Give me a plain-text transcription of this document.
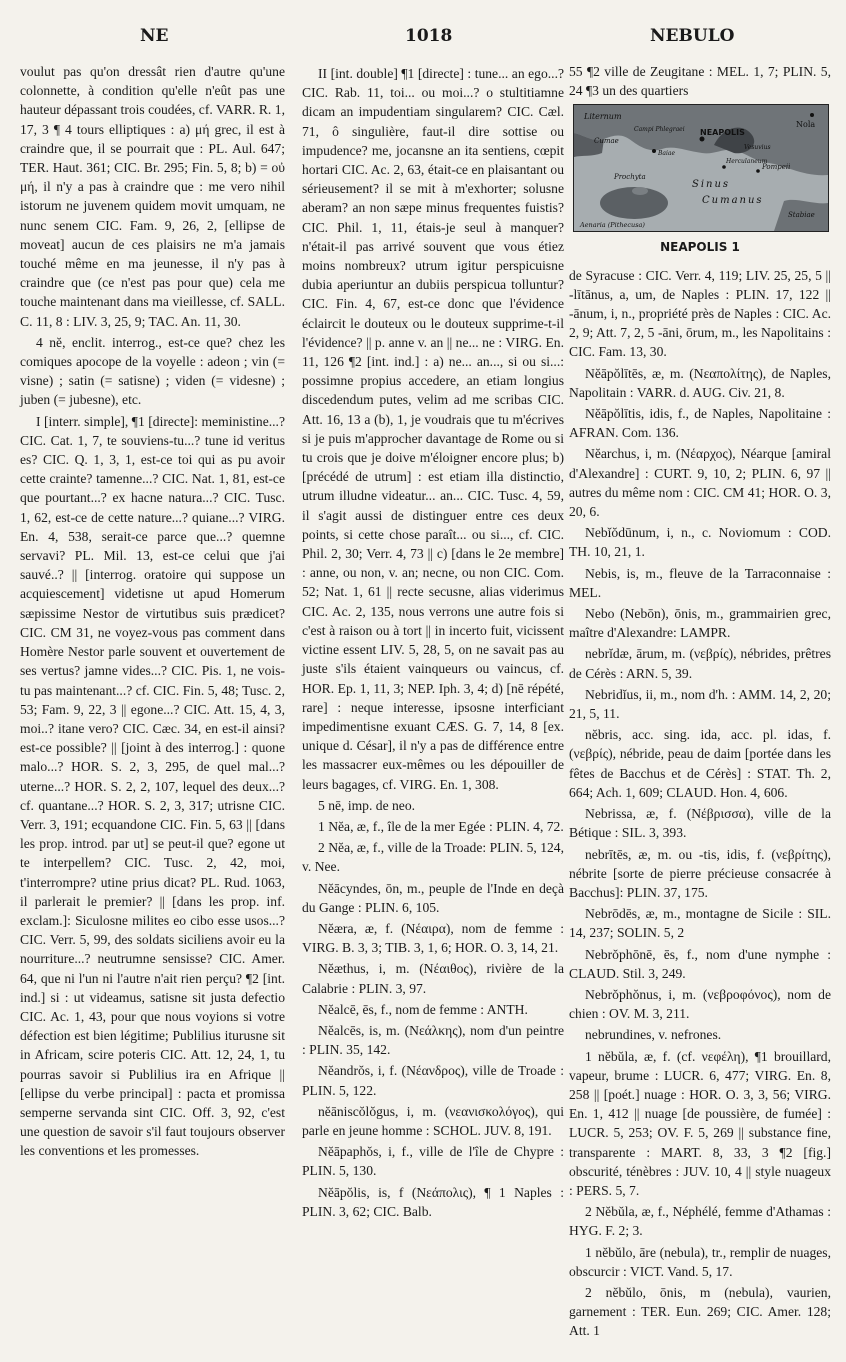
NE	1018	NEBULO

voulut pas qu'on dressât rien d'autre qu'une colonnette, à condition qu'elle n'eût pas une hauteur dépassant trois coudées, cf. VARR. R. 1, 17, 3 ¶ 4 tours elliptiques : a) μή grec, il est à craindre que, il se pourrait que : PL. Aul. 647; TER. Haut. 361; CIC. Br. 295; Fin. 5, 8; b) = οὐ μή, il n'y a pas à craindre que : me vero nihil istorum ne juvenem quidem movit umquam, ne nunc senem CIC. Fam. 9, 26, 2, [ellipse de moveat] aucun de ces plaisirs ne m'a jamais touché même en ma jeunesse, il n'y pas à craindre que (ce n'est pas pour que) cela me touche maintenant dans ma vieillesse, cf. SALL. C. 11, 8 : LIV. 3, 25, 9; TAC. An. 11, 30.

4 nĕ, enclit. interrog., est-ce que? chez les comiques apocope de la voyelle : adeon ; vin (= visne) ; satin (= satisne) ; viden (= videsne) ; juben (= jubesne), etc.

I [interr. simple], ¶1 [directe]: meministine...? CIC. Cat. 1, 7, te souviens-tu...? tune id veritus es? CIC. Q. 1, 3, 1, est-ce toi qui as pu avoir cette crainte? tamenne...? CIC. Nat. 1, 81, est-ce que pourtant...? ex hacne natura...? CIC. Tusc. 1, 62, est-ce de cette nature...? quiane...? VIRG. En. 4, 538, serait-ce parce que...? quemne servavi? PL. Mil. 13, est-ce celui que j'ai sauvé..? || [interrog. oratoire qui suppose un acquiescement] videtisne ut apud Homerum sæpissime Nestor de virtutibus suis prædicet? CIC. CM 31, ne voyez-vous pas comment dans Homère Nestor parle souvent et ouvertement de ses vertus? jamne vides...? CIC. Pis. 1, ne vois-tu pas maintenant...? cf. CIC. Fin. 5, 48; Tusc. 2, 53; Fam. 9, 22, 3 || egone...? CIC. Att. 15, 4, 3, moi..? itane vero? CIC. Cæc. 34, en est-il ainsi? est-ce possible? || [joint à des interrog.] : quone malo...? HOR. S. 2, 3, 295, de quel mal...? uterne...? HOR. S. 2, 2, 107, lequel des deux...? cf. quantane...? HOR. S. 2, 3, 317; utrisne CIC. Verr. 3, 191; ecquandone CIC. Fin. 5, 63 || [dans les prop. introd. par ut] se peut-il que? egone ut te interpellem? CIC. Tusc. 2, 42, moi, t'interrompre? utine prius dicat? PL. Rud. 1063, il parlerait le premier? || [dans les prop. inf. exclam.]: Siculosne milites eo cibo esse usos...? CIC. Verr. 5, 99, des soldats siciliens avoir eu la nourriture...? neutrumne sensisse? CIC. Amer. 64, que ni l'un ni l'autre n'ait rien perçu? ¶2 [int. ind.] si : ut videamus, satisne sit justa defectio CIC. Ac. 1, 43, pour que nous voyions si votre défection est bien légitime; Publilius iturusne sit in Africam, scire poteris CIC. Att. 12, 24, 1, tu pourras savoir si Publilius ira en Afrique || [ellipse du verbe principal] : pacta et promissa semperne servanda sint CIC. Off. 3, 92, c'est une question de savoir s'il faut toujours observer les conventions et les promesses.

II [int. double] ¶1 [directe] : tune... an ego...? CIC. Rab. 11, toi... ou moi...? o stultitiamne dicam an impudentiam singularem? CIC. Cæl. 71, ô singulière, faut-il dire sottise ou impudence? me, jocansne an ita sentiens, cœpit hortari CIC. Ac. 2, 63, était-ce en plaisantant ou sérieusement? il se mit à m'exhorter; solusne aberam? an non sæpe minus frequentes fuistis? CIC. Phil. 1, 11, étais-je seul à manquer? n'était-il pas arrivé souvent que vous étiez moins nombreux? utrum igitur perspicuisne dubia aperiuntur an dubiis perspicua tolluntur? CIC. Fin. 4, 67, est-ce donc que l'évidence éclaircit le douteux ou le douteux supprime-t-il l'évidence? || p. anne v. an || ne... ne : VIRG. En. 11, 126 ¶2 [int. ind.] : a) ne... an..., si ou si...: possimne propius accedere, an etiam longius discedendum putes, velim ad me scribas CIC. Att. 16, 13 a (b), 1, je voudrais que tu m'écrives si je puis m'approcher davantage de Rome ou si tu crois que je doive m'éloigner encore plus; b) [précédé de utrum] : est etiam illa distinctio, utrum illudne videatur... an... CIC. Tusc. 4, 59, il s'agit aussi de distinguer entre ces deux points, si cette chose paraît... ou si..., cf. CIC. Phil. 2, 30; Verr. 4, 73 || c) [dans le 2e membre] : anne, ou non, v. an; necne, ou non CIC. Com. 52; Nat. 1, 61 || recte secusne, alias viderimus CIC. Ac. 2, 135, nous verrons une autre fois si c'est à raison ou à tort || in incerto fuit, vicissent victine essent LIV. 5, 28, 5, on ne savait pas au juste s'ils étaient vainqueurs ou vaincus, cf. HOR. Ep. 1, 11, 3; NEP. Iph. 3, 4; d) [nē répété, rare] : neque interesse, ipsosne interficiant impedimentisne exuant CÆS. G. 7, 14, 8 [ex. unique d. César], il n'y a pas de différence entre les massacrer eux-mêmes ou les dépouiller de leurs bagages, cf. VIRG. En. 1, 308.

5 nē, imp. de neo.

1 Nĕa, æ, f., île de la mer Egée : PLIN. 4, 72.

2 Nĕa, æ, f., ville de la Troade: PLIN. 5, 124, v. Nee.

Nĕācyndes, ōn, m., peuple de l'Inde en deçà du Gange : PLIN. 6, 105.

Nĕæra, æ, f. (Νέαιρα), nom de femme : VIRG. B. 3, 3; TIB. 3, 1, 6; HOR. O. 3, 14, 21.

Nĕæthus, i, m. (Νέαιθος), rivière de la Calabrie : PLIN. 3, 97.

Nĕalcē, ēs, f., nom de femme : ANTH.

Nĕalcēs, is, m. (Νεάλκης), nom d'un peintre : PLIN. 35, 142.

Nĕandrŏs, i, f. (Νέανδρος), ville de Troade : PLIN. 5, 122.

nĕāniscŏlŏgus, i, m. (νεανισκολόγος), qui parle en jeune homme : SCHOL. JUV. 8, 191.

Nĕāpaphŏs, i, f., ville de l'île de Chypre : PLIN. 5, 130.

Nĕāpŏlis, is, f (Νεάπολις), ¶ 1 Naples : PLIN. 3, 62; CIC. Balb.

55 ¶2 ville de Zeugitane : MEL. 1, 7; PLIN. 5, 24 ¶3 un des quartiers

Liternum
Nola
Campi Phlegraei NEAPOLIS
Vesuvius
Cumae
Herculaneum
Pompeii
Baiae
Sinus
Cumanus
Prochyta
Stabiae
Aenaria (Pithecusa)
NEAPOLIS 1

de Syracuse : CIC. Verr. 4, 119; LIV. 25, 25, 5 || -lītānus, a, um, de Naples : PLIN. 17, 122 || -ānum, i, n., propriété près de Naples : CIC. Ac. 2, 9; Att. 7, 2, 5 -āni, ōrum, m., les Napolitains : CIC. Fam. 13, 30.

Nĕāpŏlītēs, æ, m. (Νεαπολίτης), de Naples, Napolitain : VARR. d. AUG. Civ. 21, 8.

Nĕāpŏlītis, idis, f., de Naples, Napolitaine : AFRAN. Com. 136.

Nĕarchus, i, m. (Νέαρχος), Néarque [amiral d'Alexandre] : CURT. 9, 10, 2; PLIN. 6, 97 || autres du même nom : CIC. CM 41; HOR. O. 3, 20, 6.

Nebĭŏdūnum, i, n., c. Noviomum : COD. TH. 10, 21, 1.

Nebis, is, m., fleuve de la Tarraconnaise : MEL.

Nebo (Nebōn), ōnis, m., grammairien grec, maître d'Alexandre: LAMPR.

nebrĭdæ, ārum, m. (νεβρίς), nébrides, prêtres de Cérès : ARN. 5, 39.

Nebridĭus, ii, m., nom d'h. : AMM. 14, 2, 20; 21, 5, 11.

nĕbris, acc. sing. ida, acc. pl. idas, f. (νεβρίς), nébride, peau de daim [portée dans les fêtes de Bacchus et de Cérès] : STAT. Th. 2, 664; Ach. 1, 609; CLAUD. Hon. 4, 606.

Nebrissa, æ, f. (Νέβρισσα), ville de la Bétique : SIL. 3, 393.

nebrītēs, æ, m. ou -tis, idis, f. (νεβρίτης), nébrite [sorte de pierre précieuse consacrée à Bacchus]: PLIN. 37, 175.

Nebrōdēs, æ, m., montagne de Sicile : SIL. 14, 237; SOLIN. 5, 2

Nebrŏphōnē, ēs, f., nom d'une nymphe : CLAUD. Stil. 3, 249.

Nebrŏphŏnus, i, m. (νεβροφόνος), nom de chien : OV. M. 3, 211.

nebrundines, v. nefrones.

1 nĕbŭla, æ, f. (cf. νεφέλη), ¶1 brouillard, vapeur, brume : LUCR. 6, 477; VIRG. En. 8, 258 || [poét.] nuage : HOR. O. 3, 3, 56; VIRG. En. 1, 412 || nuage [de poussière, de fumée] : LUCR. 5, 253; OV. F. 5, 269 || substance fine, transparente : MART. 8, 33, 3 ¶2 [fig.] obscurité, ténèbres : JUV. 10, 4 || style nuageux : PERS. 5, 7.

2 Nĕbŭla, æ, f., Néphélé, femme d'Athamas : HYG. F. 2; 3.

1 nĕbŭlo, āre (nebula), tr., remplir de nuages, obscurcir : VICT. Vand. 5, 17.

2 nĕbŭlo, ōnis, m (nebula), vaurien, garnement : TER. Eun. 269; CIC. Amer. 128; Att. 1
